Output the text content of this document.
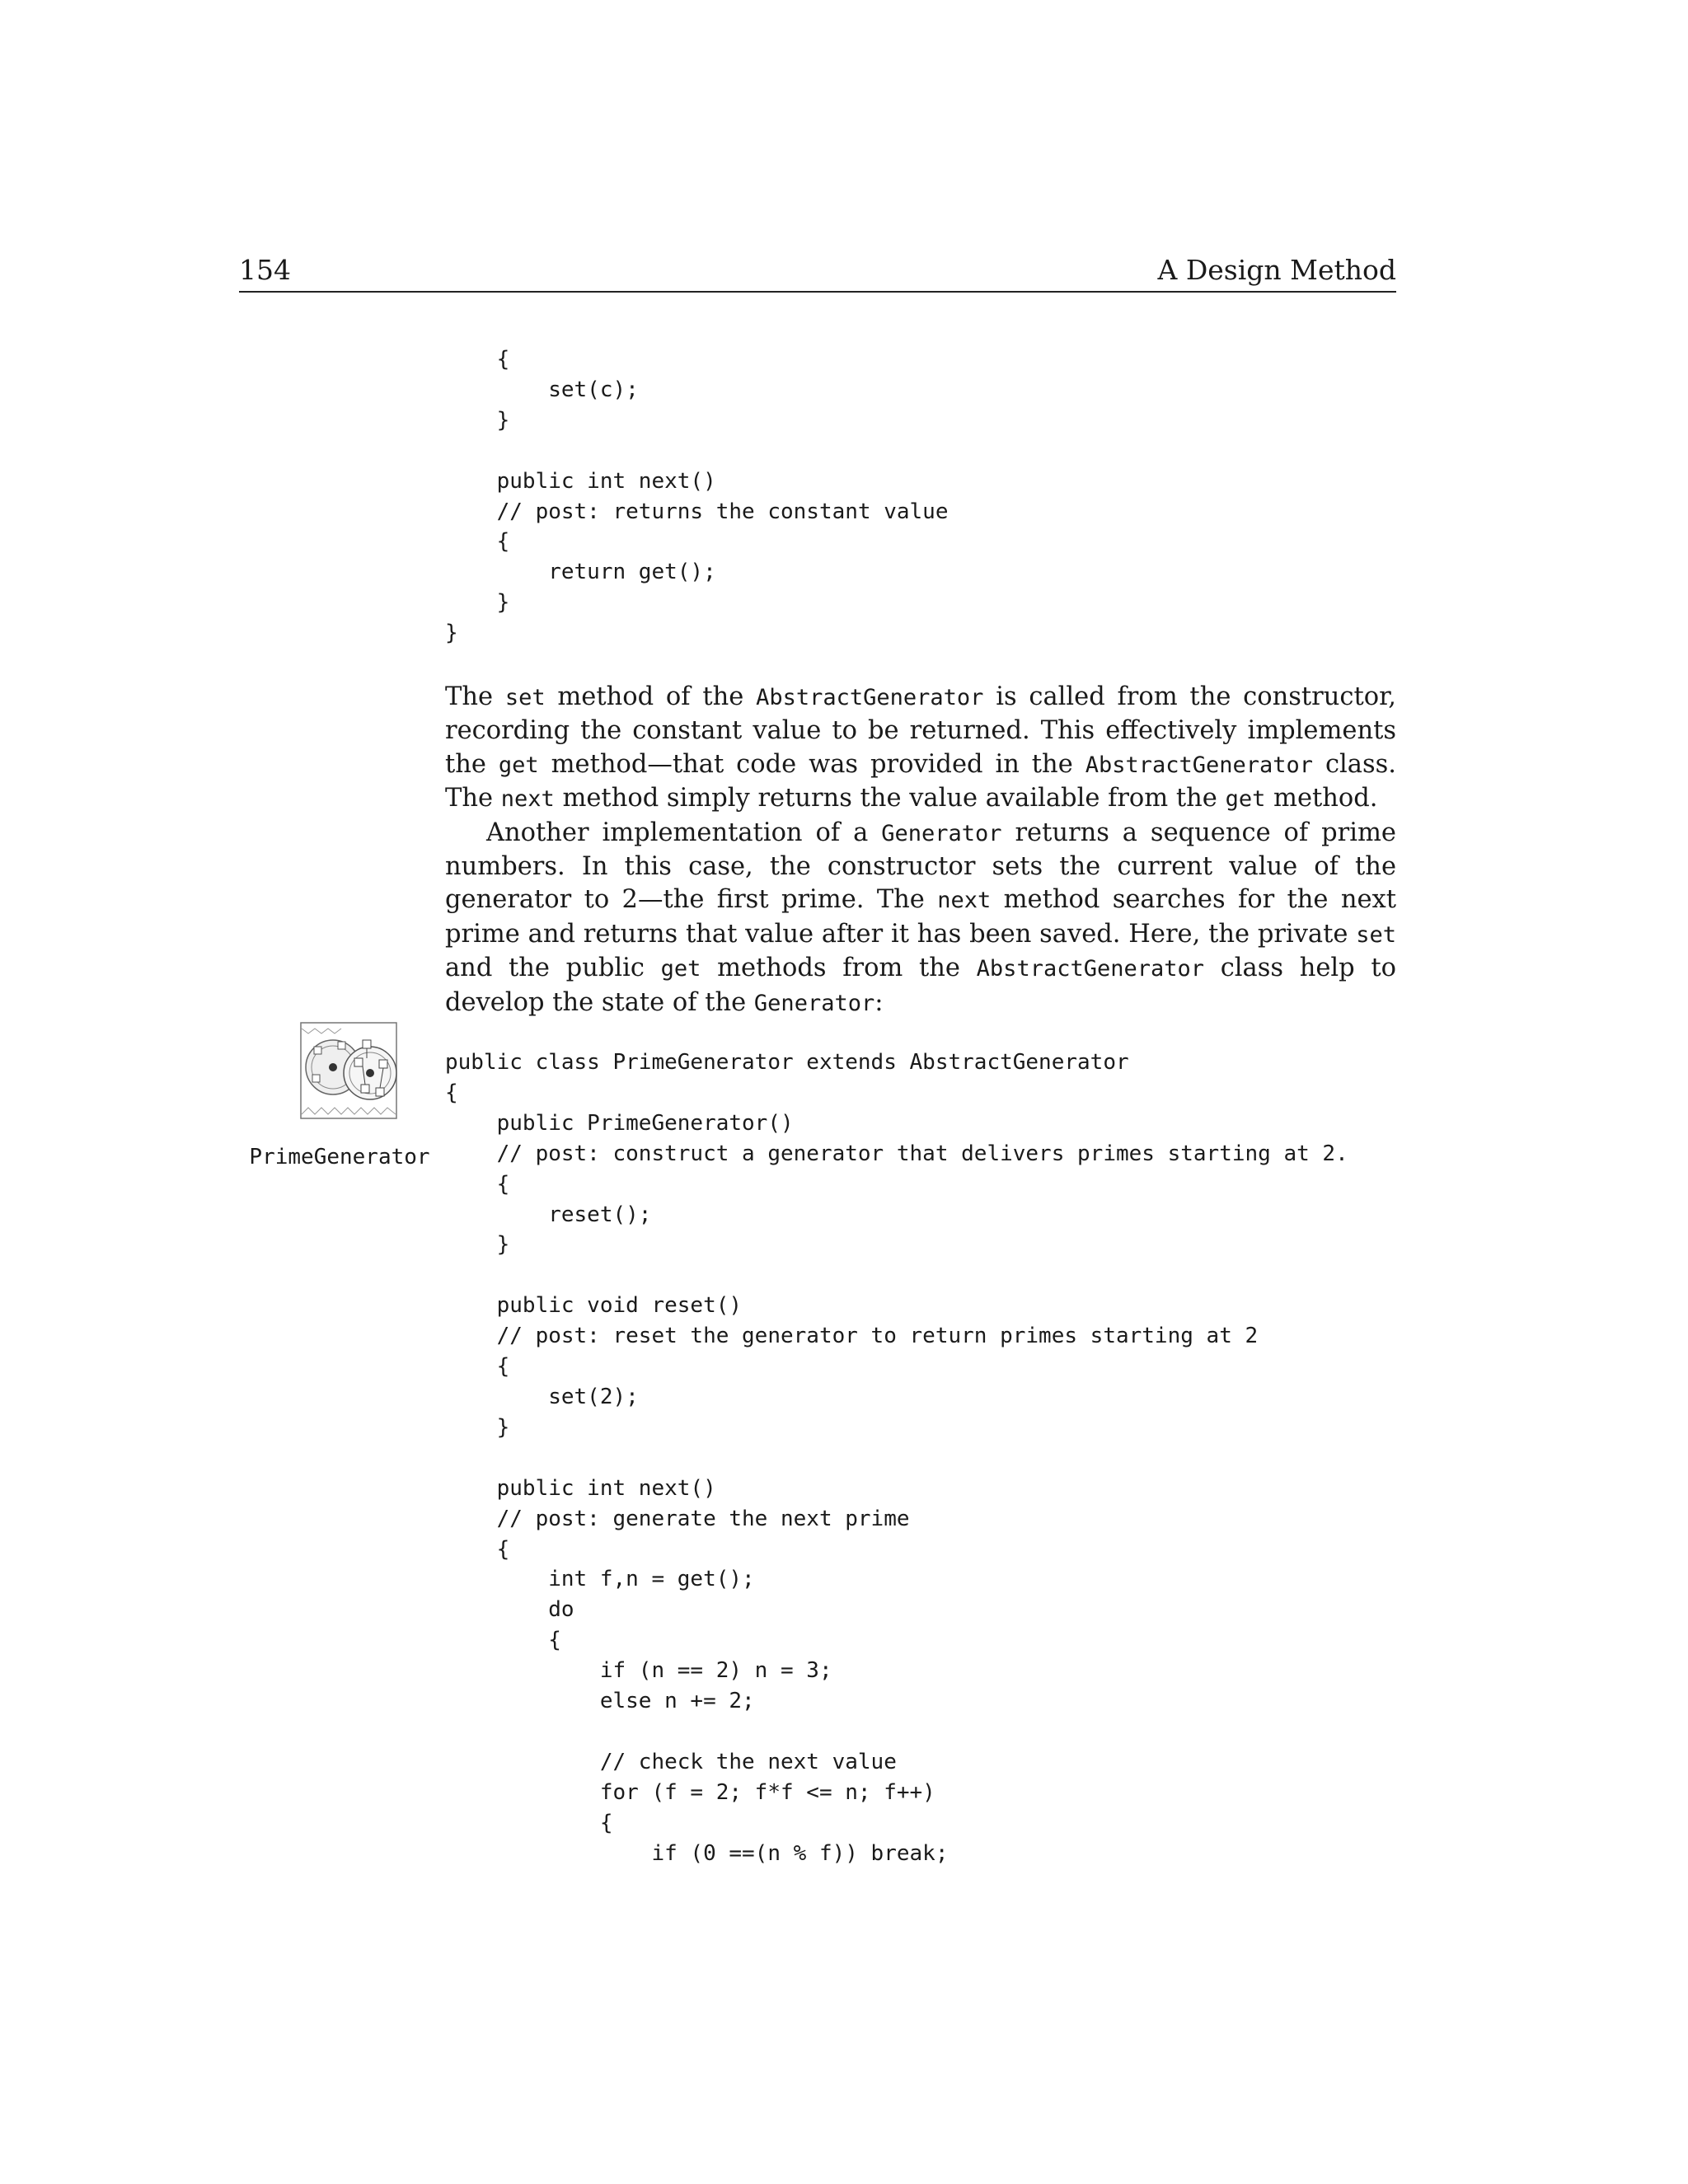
154	A Design Method
{
set(c);
}

public int next()
// post: returns the constant value
{
return get();
}
}

The set method of the AbstractGenerator is called from the constructor, recording the constant value to be returned. This effectively implements the get method—that code was provided in the AbstractGenerator class. The next method simply returns the value available from the get method.

Another implementation of a Generator returns a sequence of prime numbers. In this case, the constructor sets the current value of the generator to 2—the first prime. The next method searches for the next prime and returns that value after it has been saved. Here, the private set and the public get methods from the AbstractGenerator class help to develop the state of the Generator:

PrimeGenerator
public class PrimeGenerator extends AbstractGenerator
{
public PrimeGenerator()
// post: construct a generator that delivers primes starting at 2.
{
reset();
}

public void reset()
// post: reset the generator to return primes starting at 2
{
set(2);
}

public int next()
// post: generate the next prime
{
int f,n = get();
do
{
if (n == 2) n = 3;
else n += 2;

// check the next value
for (f = 2; f*f <= n; f++)
{
if (0 ==(n % f)) break;
